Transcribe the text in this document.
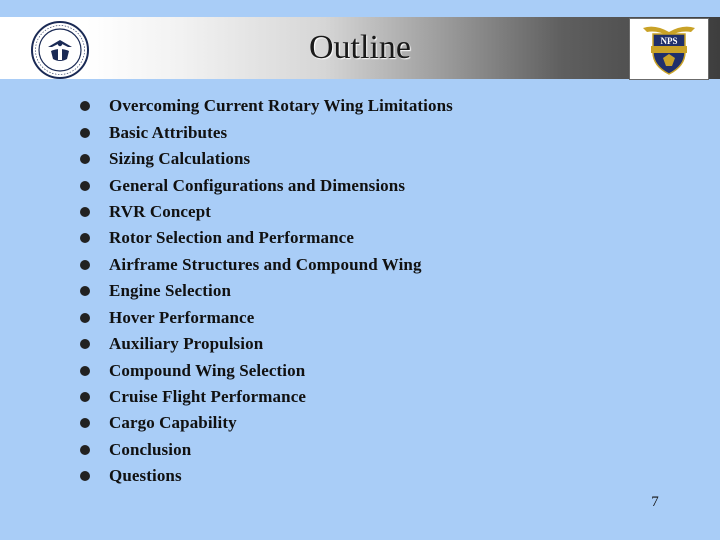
Outline	NPS
Overcoming Current Rotary Wing Limitations
Basic Attributes
Sizing Calculations
General Configurations and Dimensions
RVR Concept
Rotor Selection and Performance
Airframe Structures and Compound Wing
Engine Selection
Hover Performance
Auxiliary Propulsion
Compound Wing Selection
Cruise Flight Performance
Cargo Capability
Conclusion
Questions
7
